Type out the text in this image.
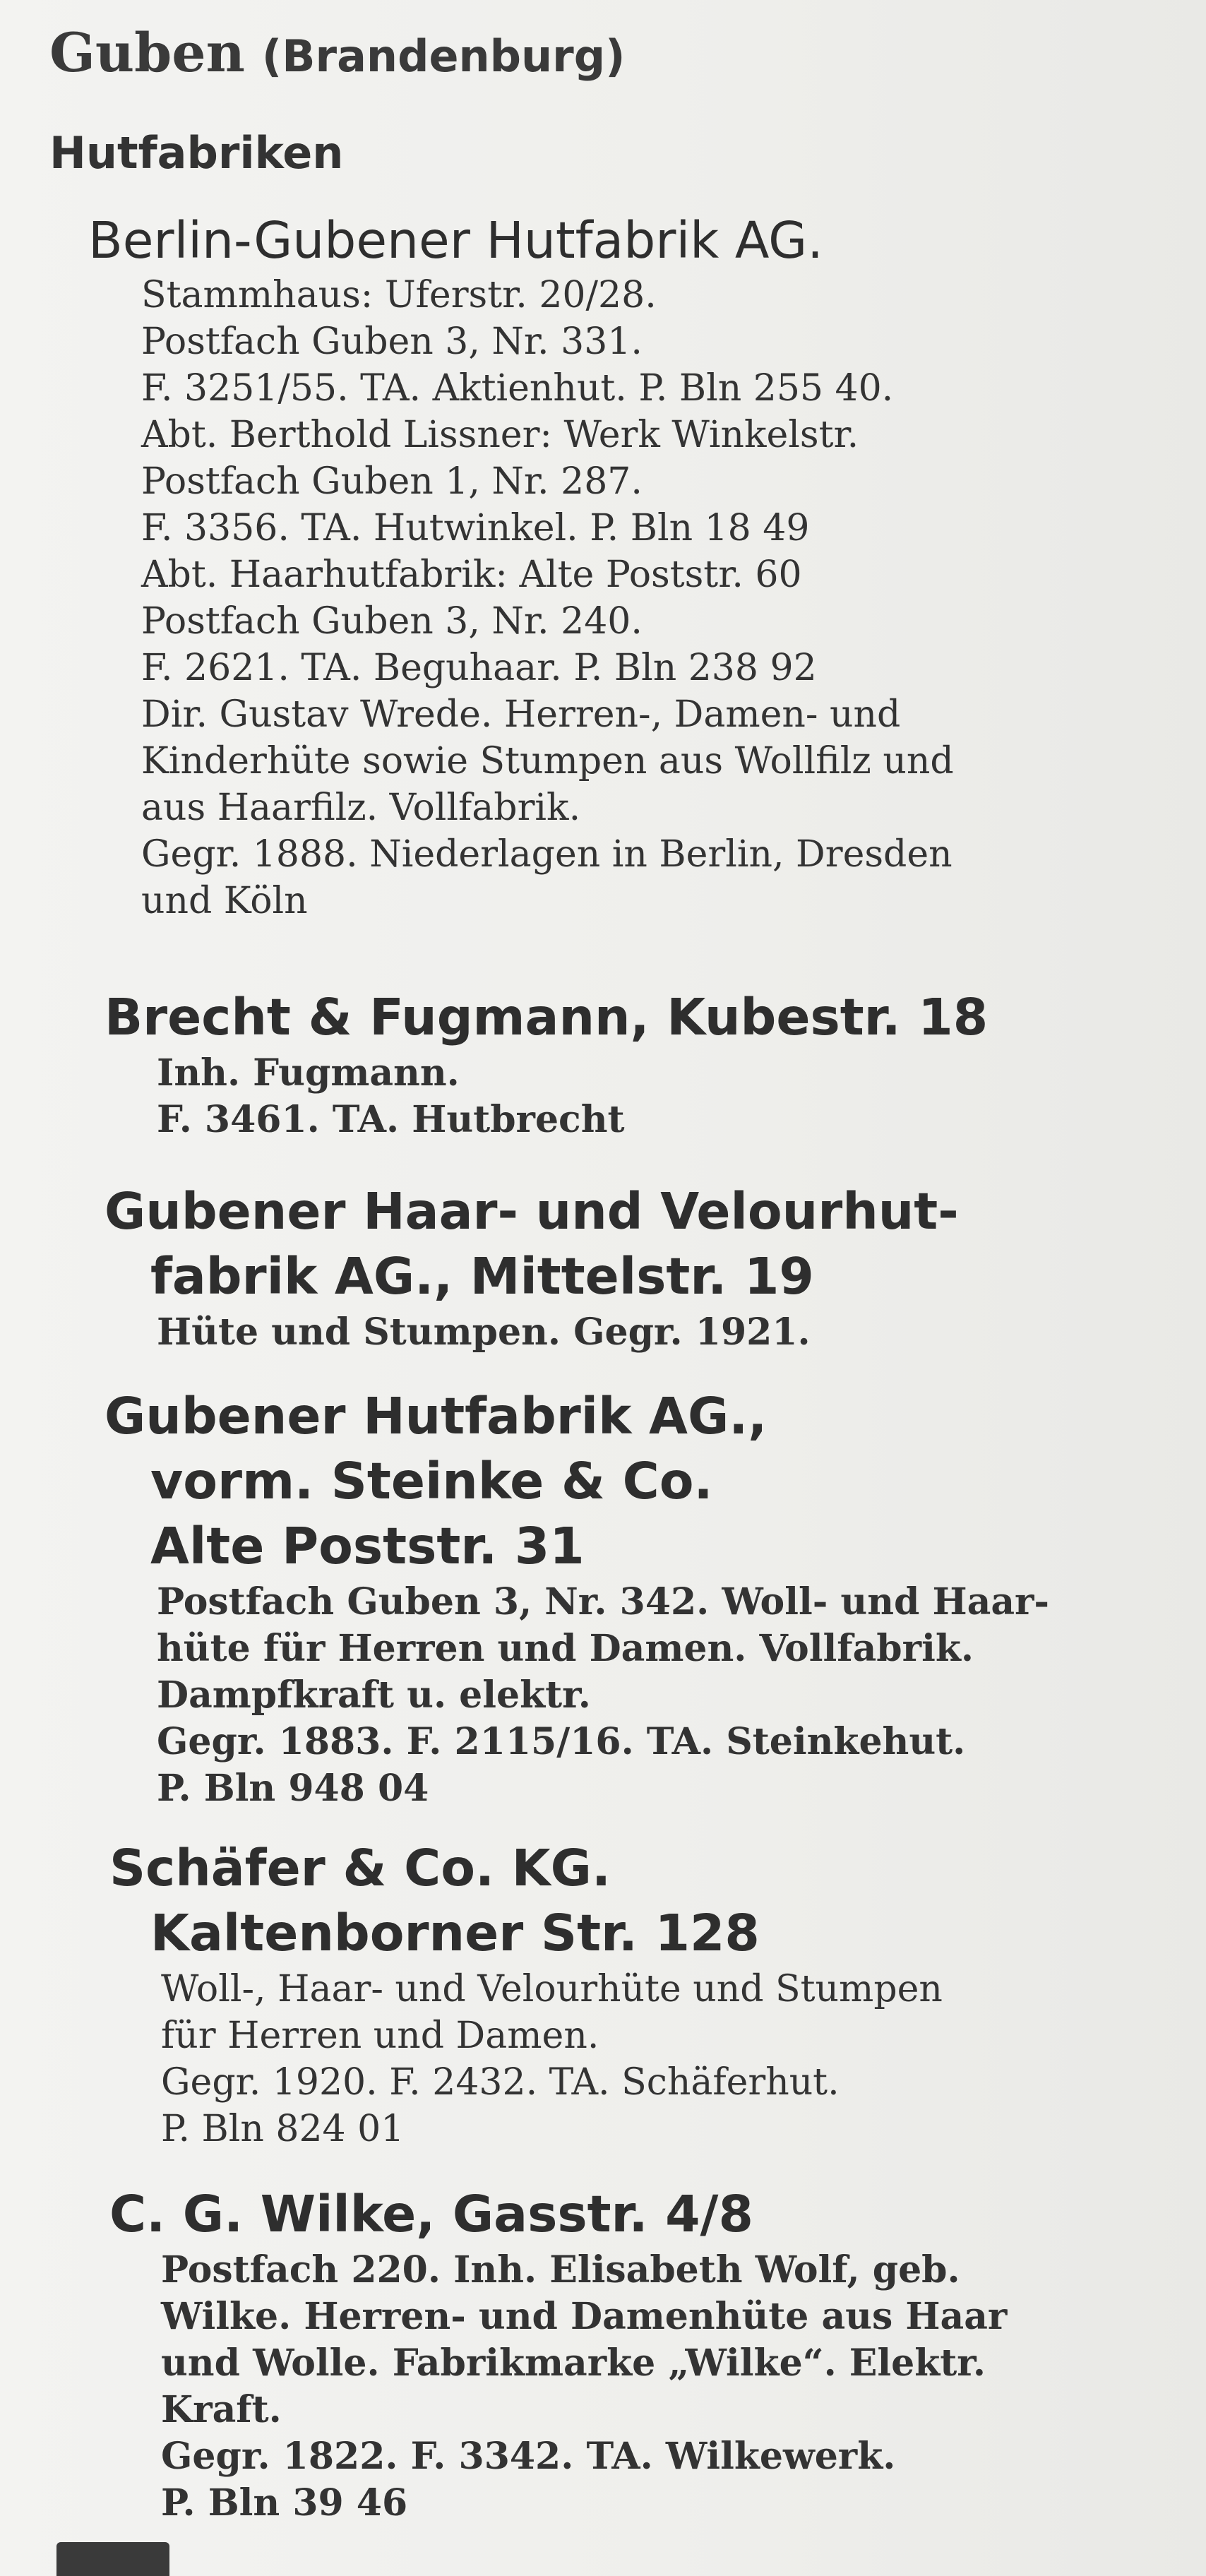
Guben (Brandenburg)
Hutfabriken
Berlin-Gubener Hutfabrik AG.
Stammhaus: Uferstr. 20/28.
Postfach Guben 3, Nr. 331.
F. 3251/55. TA. Aktienhut. P. Bln 255 40.
Abt. Berthold Lissner: Werk Winkelstr.
Postfach Guben 1, Nr. 287.
F. 3356. TA. Hutwinkel. P. Bln 18 49
Abt. Haarhutfabrik: Alte Poststr. 60
Postfach Guben 3, Nr. 240.
F. 2621. TA. Beguhaar. P. Bln 238 92
Dir. Gustav Wrede. Herren-, Damen- und
Kinderhüte sowie Stumpen aus Wollfilz und
aus Haarfilz. Vollfabrik.
Gegr. 1888. Niederlagen in Berlin, Dresden
und Köln
Brecht & Fugmann, Kubestr. 18
Inh. Fugmann.
F. 3461. TA. Hutbrecht
Gubener Haar- und Velourhut-
fabrik AG., Mittelstr. 19
Hüte und Stumpen. Gegr. 1921.
Gubener Hutfabrik AG.,
vorm. Steinke & Co.
Alte Poststr. 31
Postfach Guben 3, Nr. 342. Woll- und Haar-
hüte für Herren und Damen. Vollfabrik.
Dampfkraft u. elektr.
Gegr. 1883. F. 2115/16. TA. Steinkehut.
P. Bln 948 04
Schäfer & Co. KG.
Kaltenborner Str. 128
Woll-, Haar- und Velourhüte und Stumpen
für Herren und Damen.
Gegr. 1920. F. 2432. TA. Schäferhut.
P. Bln 824 01
C. G. Wilke, Gasstr. 4/8
Postfach 220. Inh. Elisabeth Wolf, geb.
Wilke. Herren- und Damenhüte aus Haar
und Wolle. Fabrikmarke „Wilke“. Elektr.
Kraft.
Gegr. 1822. F. 3342. TA. Wilkewerk.
P. Bln 39 46
